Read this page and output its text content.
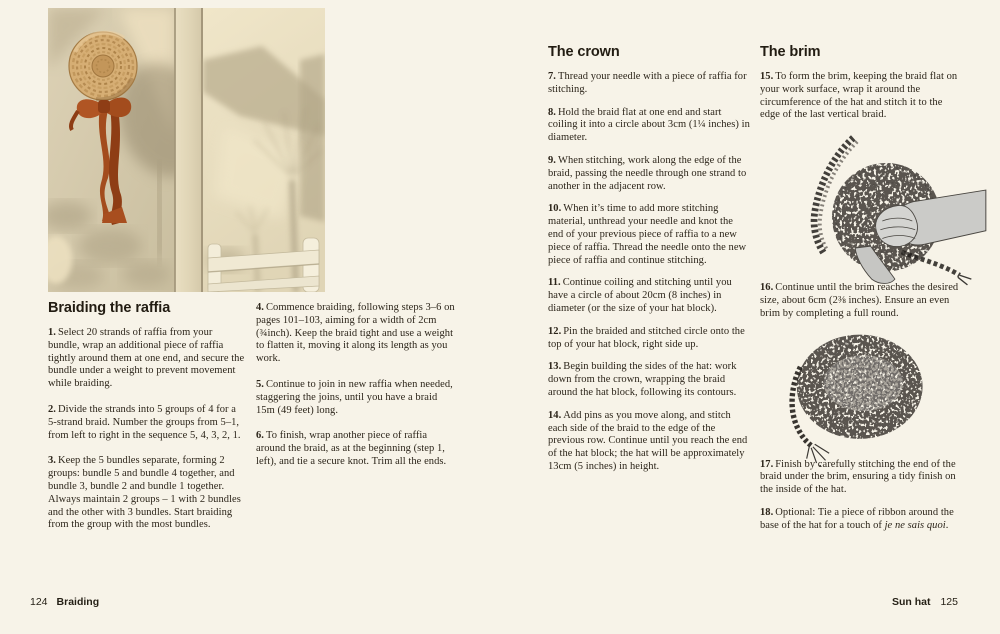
Braiding the raffia

1. Select 20 strands of raffia from your bundle, wrap an additional piece of raffia tightly around them at one end, and secure the bundle under a weight to prevent movement while braiding.

2. Divide the strands into 5 groups of 4 for a 5-strand braid. Number the groups from 5–1, from left to right in the sequence 5, 4, 3, 2, 1.

3. Keep the 5 bundles separate, forming 2 groups: bundle 5 and bundle 4 together, and bundle 3, bundle 2 and bundle 1 together. Always maintain 2 groups – 1 with 2 bundles and the other with 3 bundles. Start braiding from the group with the most bundles.

4. Commence braiding, following steps 3–6 on pages 101–103, aiming for a width of 2cm (¾inch). Keep the braid tight and use a weight to flatten it, moving it along its length as you work.

5. Continue to join in new raffia when needed, staggering the joins, until you have a braid 15m (49 feet) long.

6. To finish, wrap another piece of raffia around the braid, as at the beginning (step 1, left), and tie a secure knot. Trim all the ends.

The crown

7. Thread your needle with a piece of raffia for stitching.

8. Hold the braid flat at one end and start coiling it into a circle about 3cm (1¼ inches) in diameter.

9. When stitching, work along the edge of the braid, passing the needle through one strand to another in the adjacent row.

10. When it’s time to add more stitching material, unthread your needle and knot the end of your previous piece of raffia to a new piece of raffia. Thread the needle onto the new piece of raffia and continue stitching.

11. Continue coiling and stitching until you have a circle of about 20cm (8 inches) in diameter (or the size of your hat block).

12. Pin the braided and stitched circle onto the top of your hat block, right side up.

13. Begin building the sides of the hat: work down from the crown, wrapping the braid around the hat block, following its contours.

14. Add pins as you move along, and stitch each side of the braid to the edge of the previous row. Continue until you reach the end of the hat block; the hat will be approximately 13cm (5 inches) in height.

The brim

15. To form the brim, keeping the braid flat on your work surface, wrap it around the circumference of the hat and stitch it to the edge of the last vertical braid.

16. Continue until the brim reaches the desired size, about 6cm (2⅜ inches). Ensure an even brim by completing a full round.

17. Finish by carefully stitching the end of the braid under the brim, ensuring a tidy finish on the inside of the hat.

18. Optional: Tie a piece of ribbon around the base of the hat for a touch of je ne sais quoi.

124 Braiding	Sun hat 125
